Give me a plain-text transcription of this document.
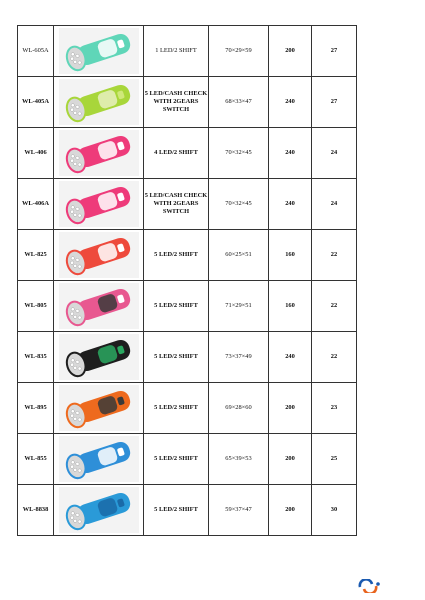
WL-605A		1 LED/2 SHIFT	70×29×59	200	27
WL-405A		5 LED/CASH CHECK WITH 2GEARS SWITCH	68×33×47	240	27
WL-406		4 LED/2 SHIFT	70×32×45	240	24
WL-406A		5 LED/CASH CHECK WITH 2GEARS SWITCH	70×32×45	240	24
WL-825		5 LED/2 SHIFT	60×25×51	160	22
WL-805		5 LED/2 SHIFT	71×29×51	160	22
WL-835		5 LED/2 SHIFT	73×37×49	240	22
WL-895		5 LED/2 SHIFT	69×28×60	200	23
WL-855		5 LED/2 SHIFT	65×39×53	200	25
WL-8838		5 LED/2 SHIFT	59×37×47	200	30
